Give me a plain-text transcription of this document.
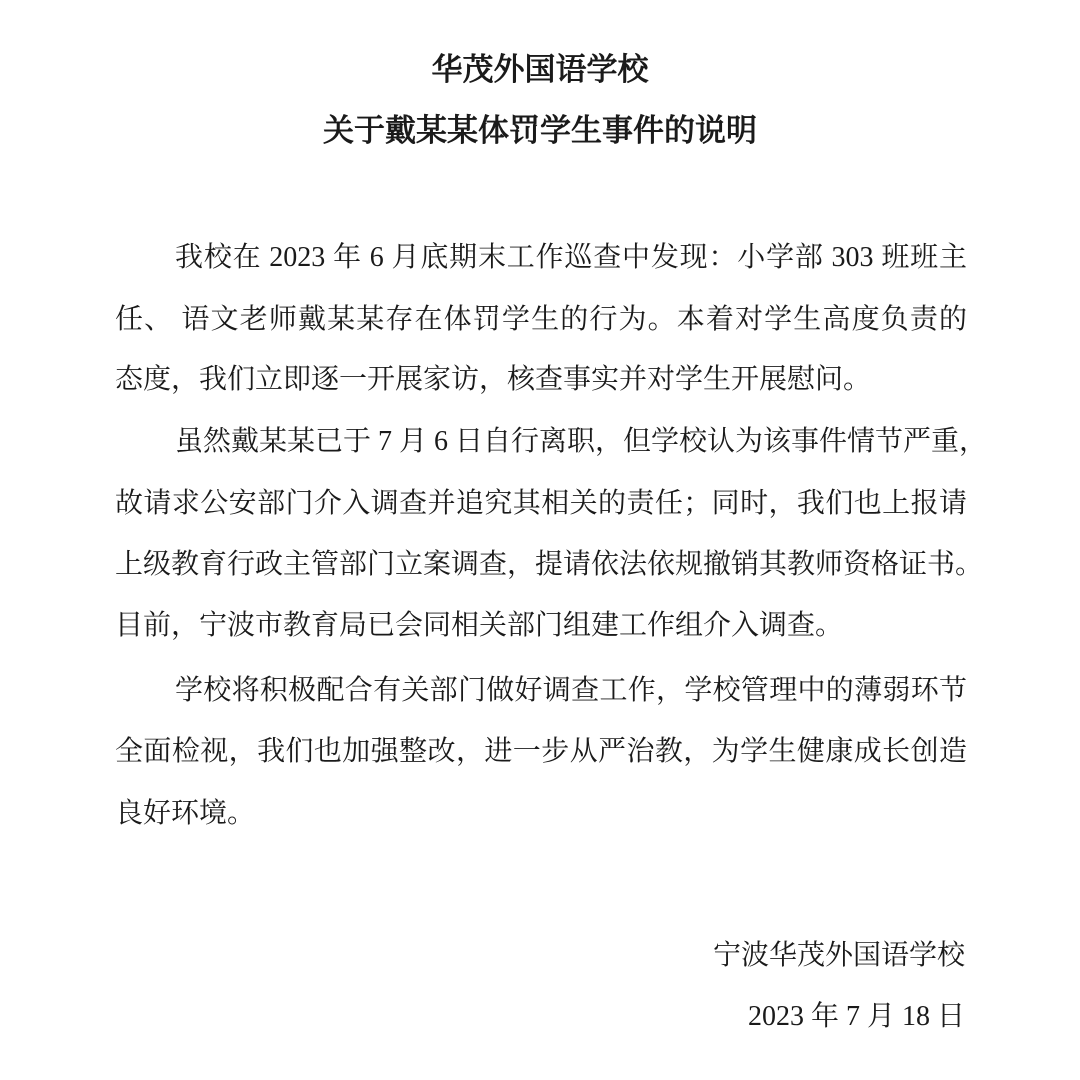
华茂外国语学校
关于戴某某体罚学生事件的说明
我校在 2023 年 6 月底期末工作巡查中发现：小学部 303 班班主
任、 语文老师戴某某存在体罚学生的行为。本着对学生高度负责的
态度，我们立即逐一开展家访，核查事实并对学生开展慰问。
虽然戴某某已于 7 月 6 日自行离职，但学校认为该事件情节严重，
故请求公安部门介入调查并追究其相关的责任；同时，我们也上报请
上级教育行政主管部门立案调查，提请依法依规撤销其教师资格证书。
目前，宁波市教育局已会同相关部门组建工作组介入调查。
学校将积极配合有关部门做好调查工作，学校管理中的薄弱环节
全面检视，我们也加强整改，进一步从严治教，为学生健康成长创造
良好环境。
宁波华茂外国语学校
2023 年 7 月 18 日
